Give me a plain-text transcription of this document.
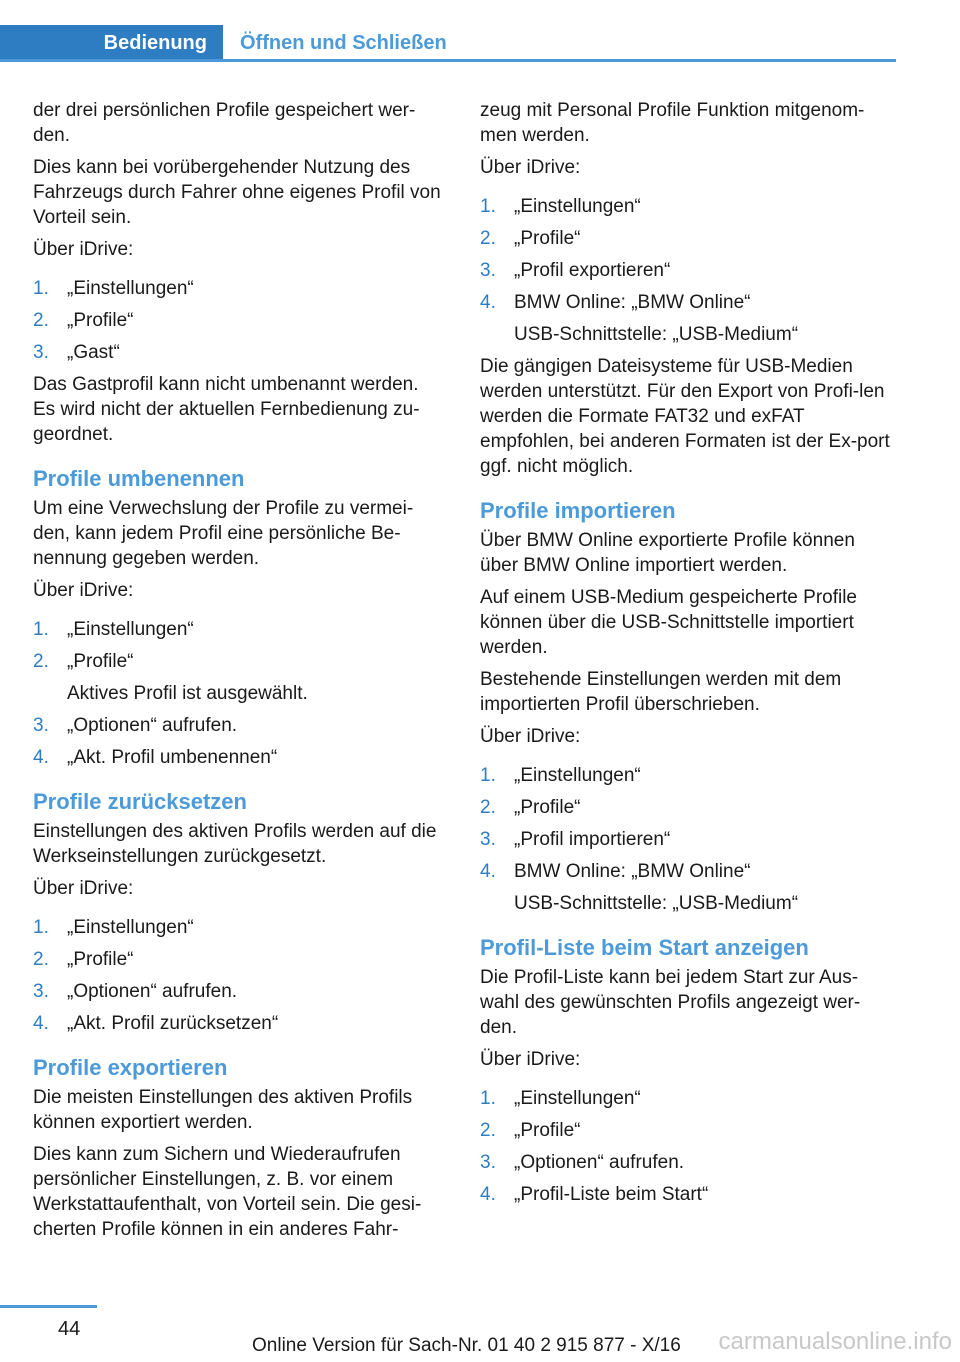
Bedienung	Öffnen und Schließen

der drei persönlichen Profile gespeichert wer-den.

Dies kann bei vorübergehender Nutzung des Fahrzeugs durch Fahrer ohne eigenes Profil von Vorteil sein.

Über iDrive:

1. „Einstellungen“
2. „Profile“
3. „Gast“

Das Gastprofil kann nicht umbenannt werden. Es wird nicht der aktuellen Fernbedienung zu-geordnet.

Profile umbenennen

Um eine Verwechslung der Profile zu vermei-den, kann jedem Profil eine persönliche Be-nennung gegeben werden.

Über iDrive:

1. „Einstellungen“
2. „Profile“
Aktives Profil ist ausgewählt.
3. „Optionen“ aufrufen.
4. „Akt. Profil umbenennen“
Profile zurücksetzen

Einstellungen des aktiven Profils werden auf die Werkseinstellungen zurückgesetzt.

Über iDrive:

1. „Einstellungen“
2. „Profile“
3. „Optionen“ aufrufen.
4. „Akt. Profil zurücksetzen“
Profile exportieren

Die meisten Einstellungen des aktiven Profils können exportiert werden.

Dies kann zum Sichern und Wiederaufrufen persönlicher Einstellungen, z. B. vor einem Werkstattaufenthalt, von Vorteil sein. Die gesi-cherten Profile können in ein anderes Fahr-

zeug mit Personal Profile Funktion mitgenom-men werden.

Über iDrive:

1. „Einstellungen“
2. „Profile“
3. „Profil exportieren“
4. BMW Online: „BMW Online“
USB-Schnittstelle: „USB-Medium“

Die gängigen Dateisysteme für USB-Medien werden unterstützt. Für den Export von Profi-len werden die Formate FAT32 und exFAT empfohlen, bei anderen Formaten ist der Ex-port ggf. nicht möglich.

Profile importieren

Über BMW Online exportierte Profile können über BMW Online importiert werden.

Auf einem USB-Medium gespeicherte Profile können über die USB-Schnittstelle importiert werden.

Bestehende Einstellungen werden mit dem importierten Profil überschrieben.

Über iDrive:

1. „Einstellungen“
2. „Profile“
3. „Profil importieren“
4. BMW Online: „BMW Online“
USB-Schnittstelle: „USB-Medium“
Profil-Liste beim Start anzeigen

Die Profil-Liste kann bei jedem Start zur Aus-wahl des gewünschten Profils angezeigt wer-den.

Über iDrive:

1. „Einstellungen“
2. „Profile“
3. „Optionen“ aufrufen.
4. „Profil-Liste beim Start“
44
Online Version für Sach-Nr. 01 40 2 915 877 - X/16 carmanualsonline.info
